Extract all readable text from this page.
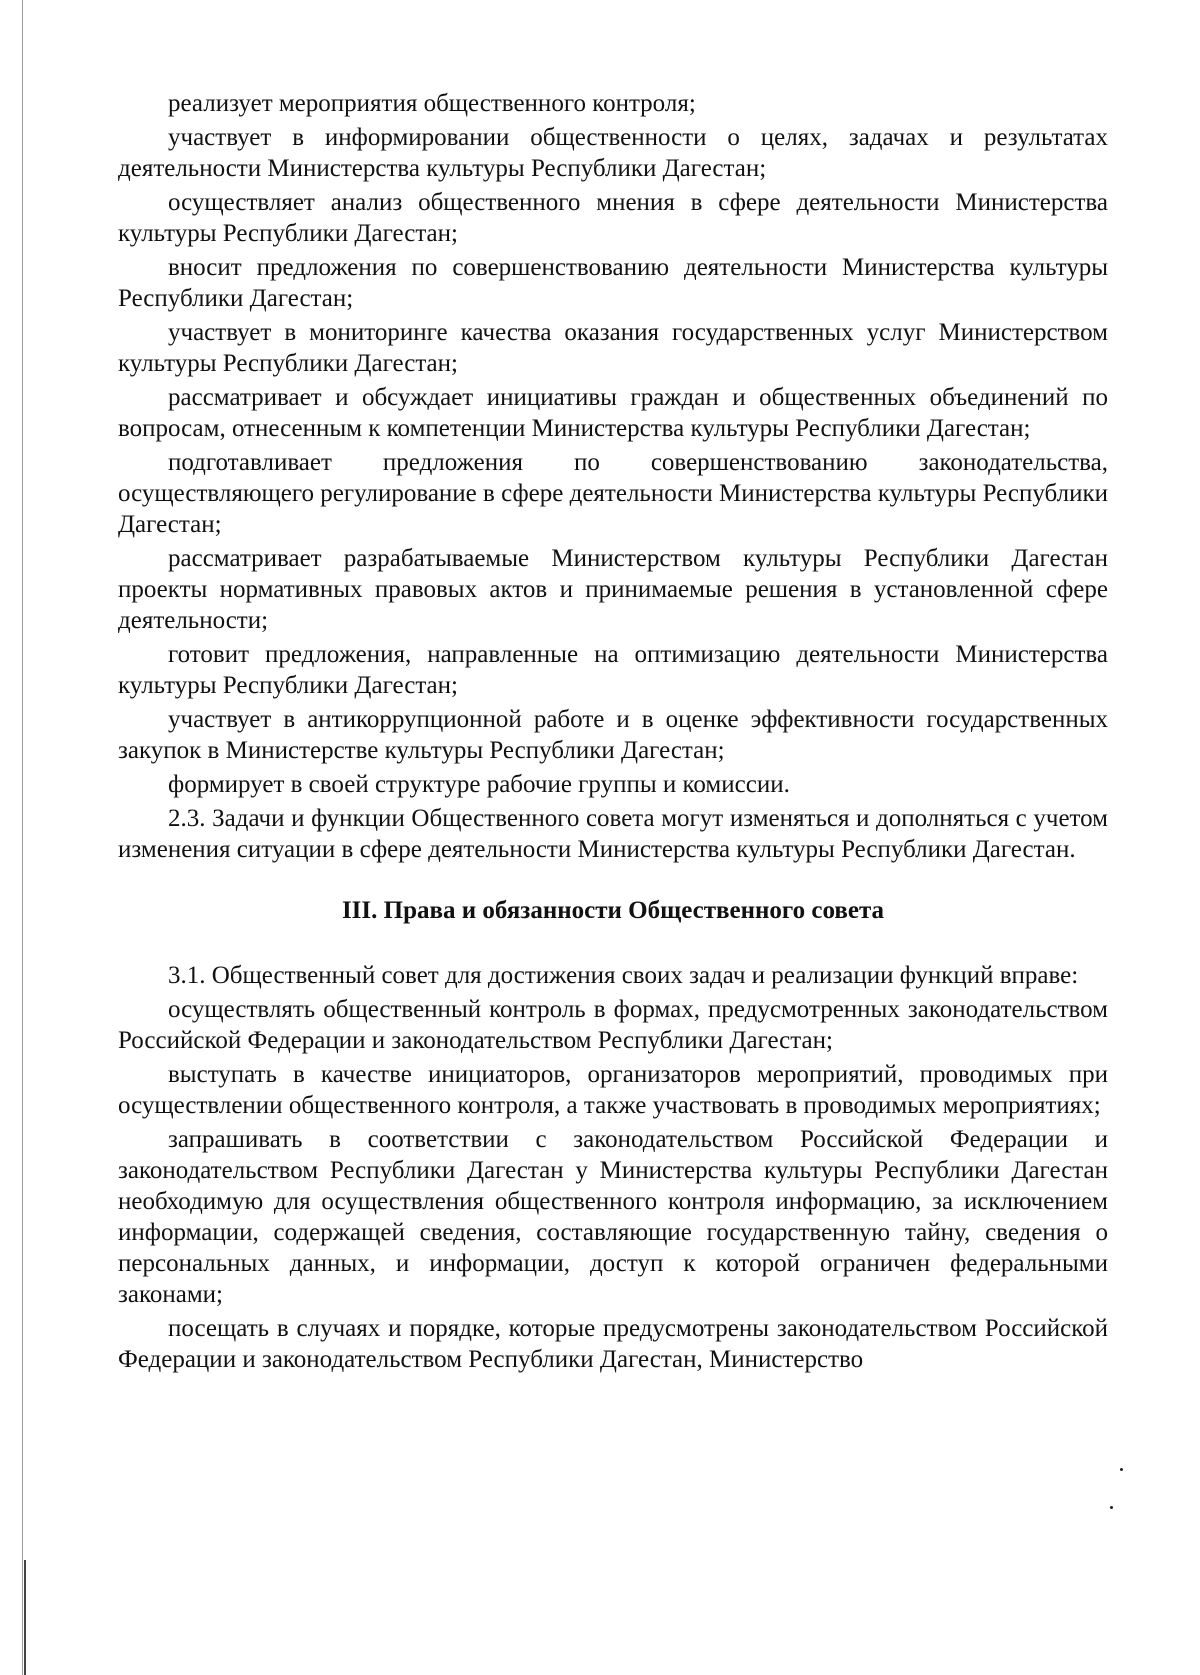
реализует мероприятия общественного контроля;

участвует в информировании общественности о целях, задачах и результатах деятельности Министерства культуры Республики Дагестан;

осуществляет анализ общественного мнения в сфере деятельности Министерства культуры Республики Дагестан;

вносит предложения по совершенствованию деятельности Министерства культуры Республики Дагестан;

участвует в мониторинге качества оказания государственных услуг Министерством культуры Республики Дагестан;

рассматривает и обсуждает инициативы граждан и общественных объединений по вопросам, отнесенным к компетенции Министерства культуры Республики Дагестан;

подготавливает предложения по совершенствованию законодательства, осуществляющего регулирование в сфере деятельности Министерства культуры Республики Дагестан;

рассматривает разрабатываемые Министерством культуры Республики Дагестан проекты нормативных правовых актов и принимаемые решения в установленной сфере деятельности;

готовит предложения, направленные на оптимизацию деятельности Министерства культуры Республики Дагестан;

участвует в антикоррупционной работе и в оценке эффективности государственных закупок в Министерстве культуры Республики Дагестан;

формирует в своей структуре рабочие группы и комиссии.

2.3. Задачи и функции Общественного совета могут изменяться и дополняться с учетом изменения ситуации в сфере деятельности Министерства культуры Республики Дагестан.

III. Права и обязанности Общественного совета

3.1. Общественный совет для достижения своих задач и реализации функций вправе:

осуществлять общественный контроль в формах, предусмотренных законодательством Российской Федерации и законодательством Республики Дагестан;

выступать в качестве инициаторов, организаторов мероприятий, проводимых при осуществлении общественного контроля, а также участвовать в проводимых мероприятиях;

запрашивать в соответствии с законодательством Российской Федерации и законодательством Республики Дагестан у Министерства культуры Республики Дагестан необходимую для осуществления общественного контроля информацию, за исключением информации, содержащей сведения, составляющие государственную тайну, сведения о персональных данных, и информации, доступ к которой ограничен федеральными законами;

посещать в случаях и порядке, которые предусмотрены законодательством Российской Федерации и законодательством Республики Дагестан, Министерство
